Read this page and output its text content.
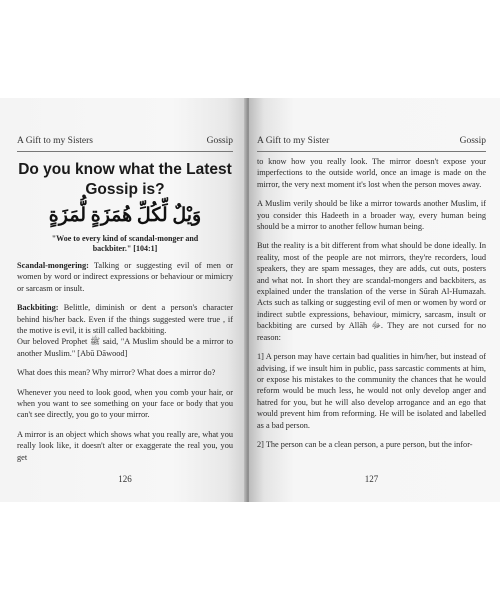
A Gift to my Sisters	Gossip
Do you know what the Latest Gossip is?
وَيْلٌ لِّكُلِّ هُمَزَةٍ لُّمَزَةٍ
"Woe to every kind of scandal-monger and backbiter." [104:1]

Scandal-mongering: Talking or suggesting evil of men or women by word or indirect expressions or behaviour or mimicry or sarcasm or insult.

Backbiting: Belittle, diminish or dent a person's character behind his/her back. Even if the things suggested were true , if the motive is evil, it is still called backbiting.

Our beloved Prophet ﷺ said, "A Muslim should be a mirror to another Muslim." [Abū Dāwood]

What does this mean? Why mirror? What does a mirror do?

Whenever you need to look good, when you comb your hair, or when you want to see something on your face or body that you can't see directly, you go to your mirror.

A mirror is an object which shows what you really are, what you really look like, it doesn't alter or exaggerate the real you, you get

126
A Gift to my Sister	Gossip

to know how you really look. The mirror doesn't expose your imperfections to the outside world, once an image is made on the mirror, the very next moment it's lost when the person moves away.

A Muslim verily should be like a mirror towards another Muslim, if you consider this Hadeeth in a broader way, every human being should be a mirror to another fellow human being.

But the reality is a bit different from what should be done ideally. In reality, most of the people are not mirrors, they're recorders, loud speakers, they are spam messages, they are adds, cut outs, posters and what not. In short they are scandal-mongers and backbiters, as explained under the translation of the verse in Sūrah Al-Humazah. Acts such as talking or suggesting evil of men or women by word or indirect subtle expressions, behaviour, mimicry, sarcasm, insult or backbiting are cursed by Allāh ﷻ. They are not cursed for no reason:

1] A person may have certain bad qualities in him/her, but instead of advising, if we insult him in public, pass sarcastic comments at him, or expose his mistakes to the community the chances that he would reform would be much less, he would not only develop anger and hatred for you, but he will also develop arrogance and an ego that would prevent him from reforming. He will be isolated and labelled as a bad person.

2] The person can be a clean person, a pure person, but the infor-

127
